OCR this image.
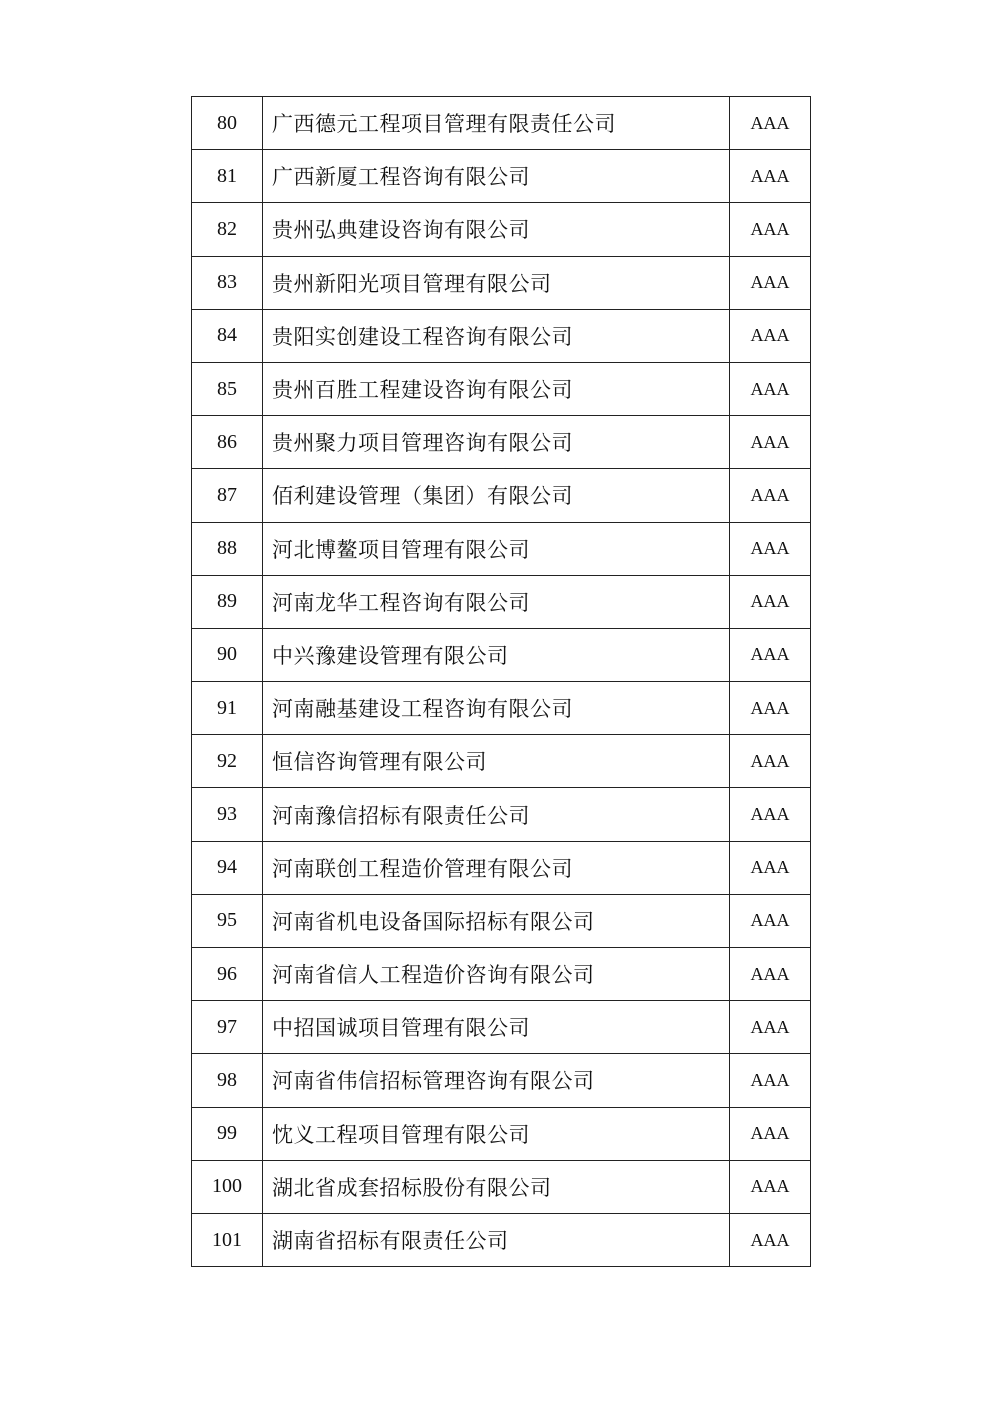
80	广西德元工程项目管理有限责任公司	AAA
81	广西新厦工程咨询有限公司	AAA
82	贵州弘典建设咨询有限公司	AAA
83	贵州新阳光项目管理有限公司	AAA
84	贵阳实创建设工程咨询有限公司	AAA
85	贵州百胜工程建设咨询有限公司	AAA
86	贵州聚力项目管理咨询有限公司	AAA
87	佰利建设管理（集团）有限公司	AAA
88	河北博鳌项目管理有限公司	AAA
89	河南龙华工程咨询有限公司	AAA
90	中兴豫建设管理有限公司	AAA
91	河南融基建设工程咨询有限公司	AAA
92	恒信咨询管理有限公司	AAA
93	河南豫信招标有限责任公司	AAA
94	河南联创工程造价管理有限公司	AAA
95	河南省机电设备国际招标有限公司	AAA
96	河南省信人工程造价咨询有限公司	AAA
97	中招国诚项目管理有限公司	AAA
98	河南省伟信招标管理咨询有限公司	AAA
99	忱义工程项目管理有限公司	AAA
100	湖北省成套招标股份有限公司	AAA
101	湖南省招标有限责任公司	AAA
